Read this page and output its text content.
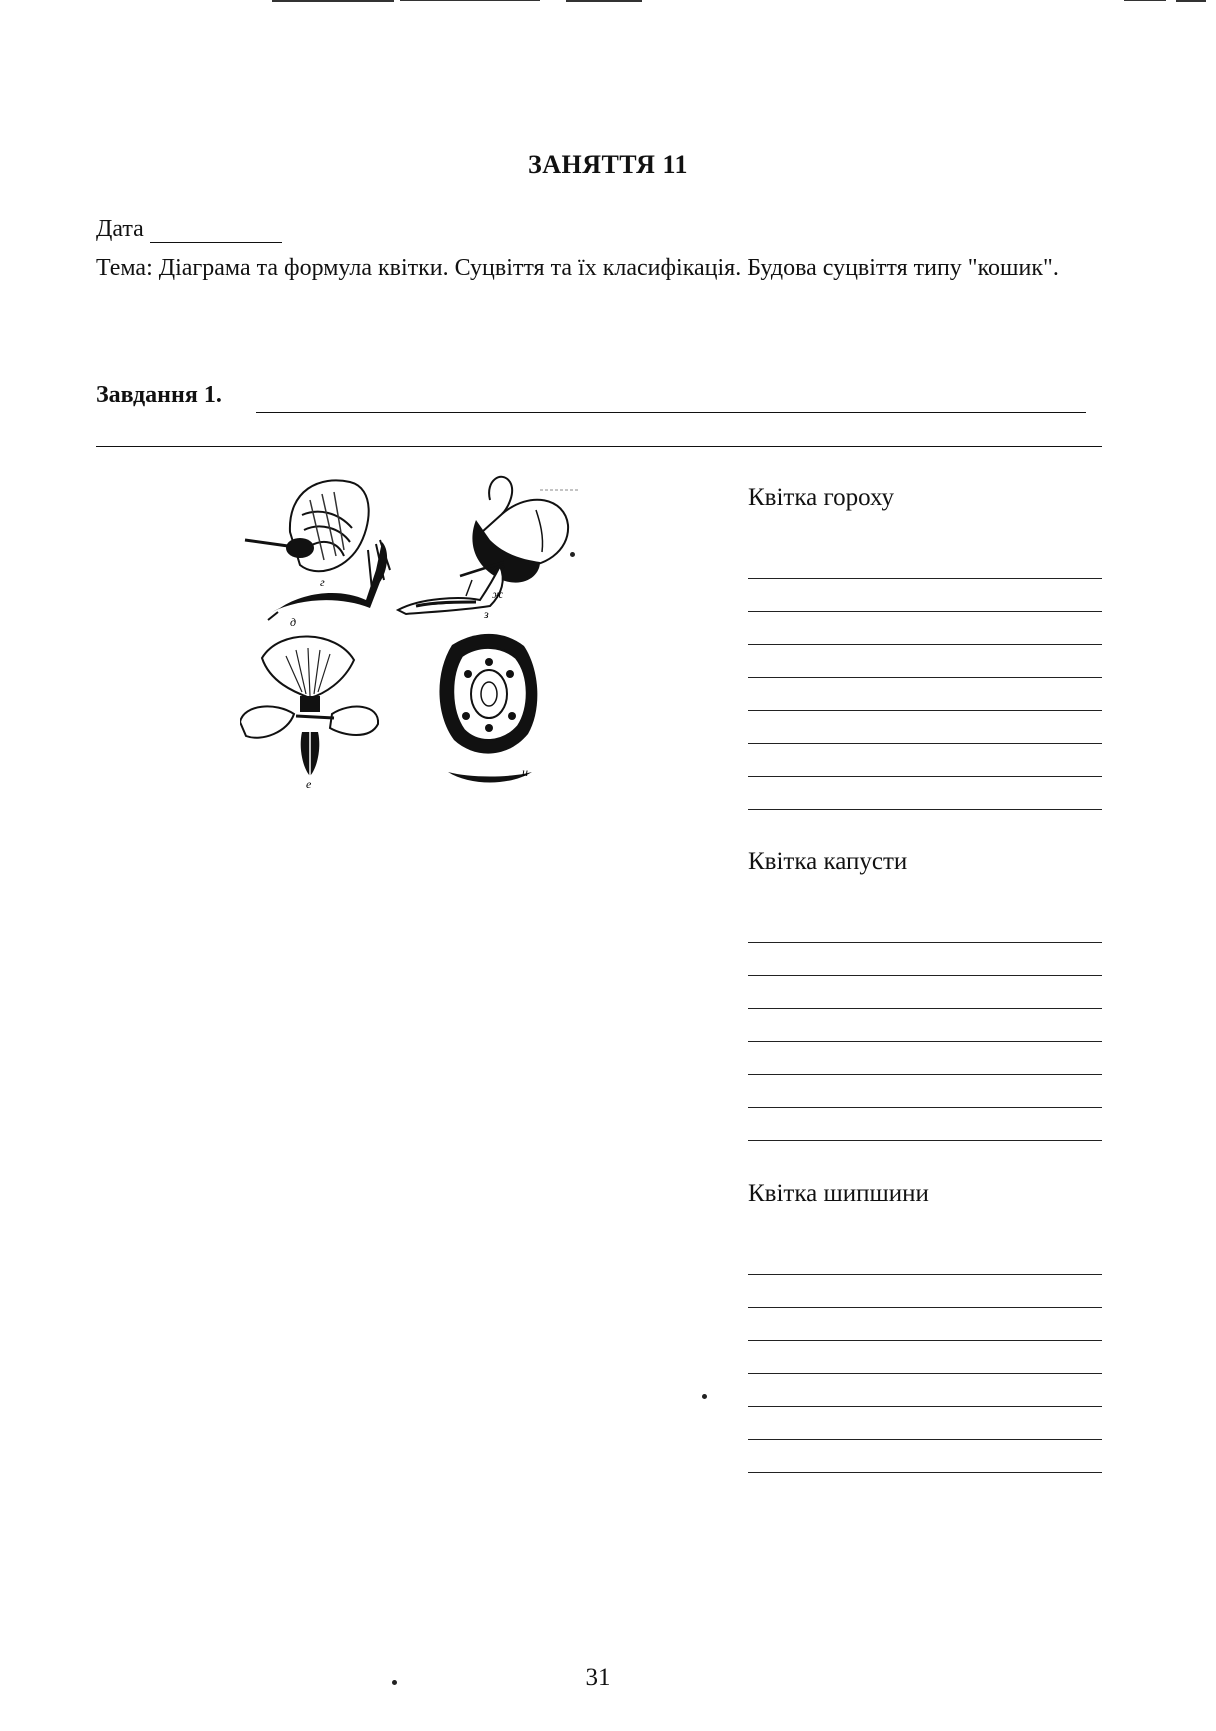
ЗАНЯТТЯ 11
Дата
Тема: Діаграма та формула квітки. Суцвіття та їх класифікація. Будова суцвіття типу "кошик".
Завдання 1.
г
ж
д
з
е
и
Квітка гороху
Квітка капусти
Квітка шипшини
31
